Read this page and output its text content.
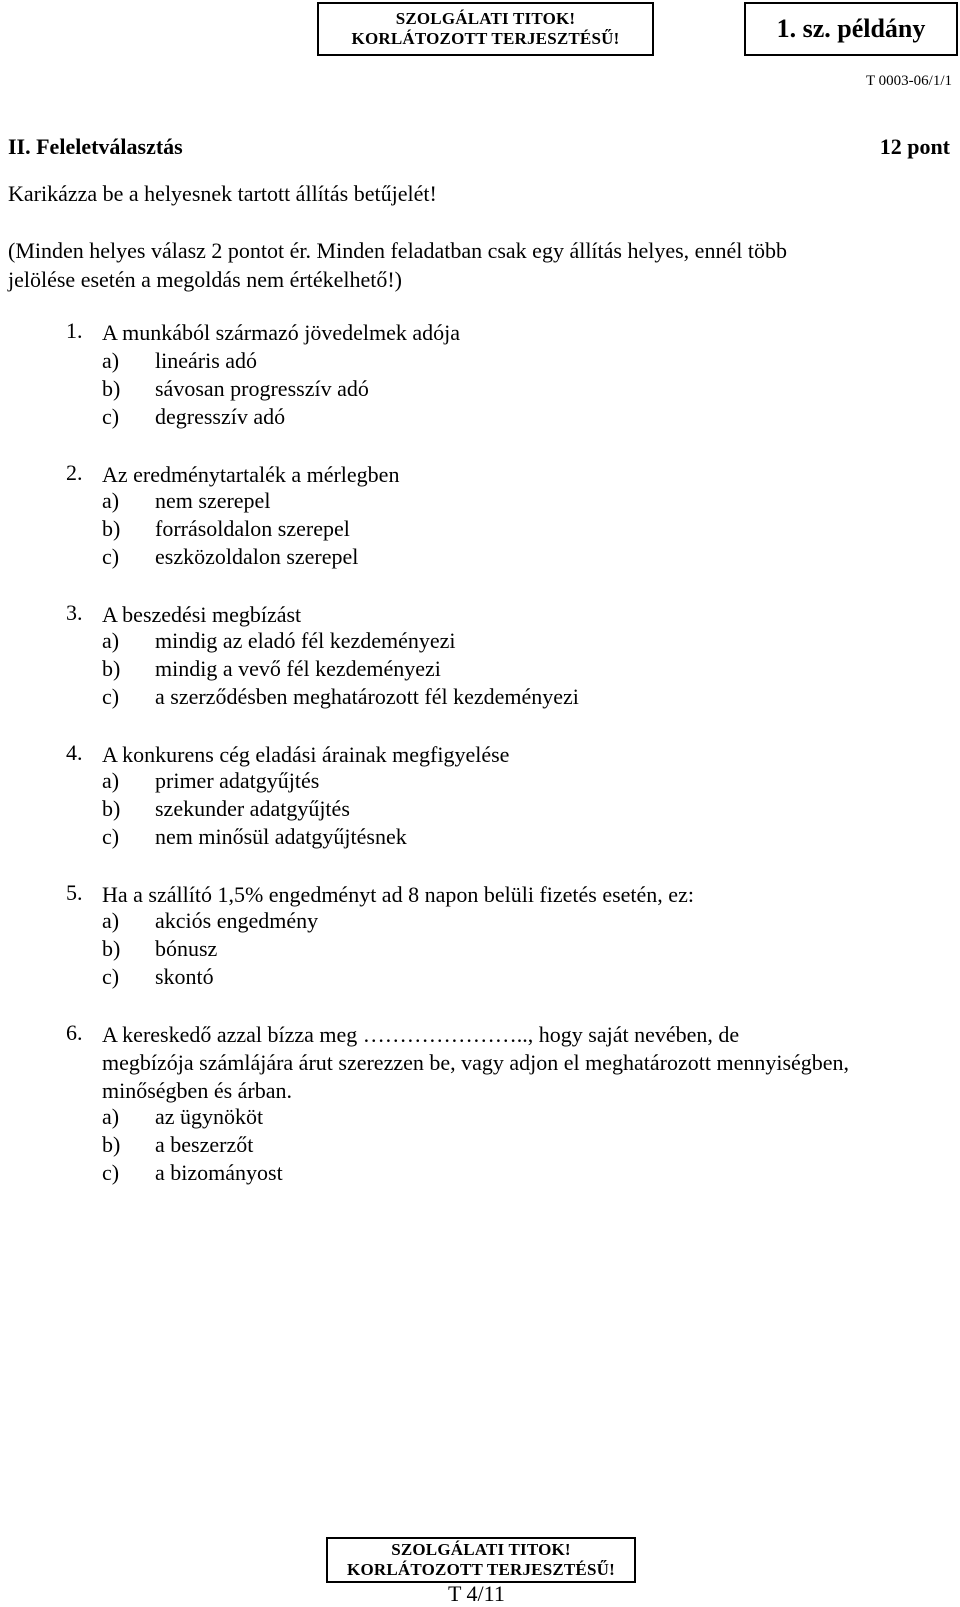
SZOLGÁLATI TITOK!
KORLÁTOZOTT TERJESZTÉSŰ!	1. sz. példány
T 0003-06/1/1
II. Feleletválasztás	12 pont
Karikázza be a helyesnek tartott állítás betűjelét!
(Minden helyes válasz 2 pontot ér. Minden feladatban csak egy állítás helyes, ennél több
jelölése esetén a megoldás nem értékelhető!)
1. A munkából származó jövedelmek adója
a) lineáris adó
b) sávosan progresszív adó
c) degresszív adó
2. Az eredménytartalék a mérlegben
a) nem szerepel
b) forrásoldalon szerepel
c) eszközoldalon szerepel
3. A beszedési megbízást
a) mindig az eladó fél kezdeményezi
b) mindig a vevő fél kezdeményezi
c) a szerződésben meghatározott fél kezdeményezi
4. A konkurens cég eladási árainak megfigyelése
a) primer adatgyűjtés
b) szekunder adatgyűjtés
c) nem minősül adatgyűjtésnek
5. Ha a szállító 1,5% engedményt ad 8 napon belüli fizetés esetén, ez:
a) akciós engedmény
b) bónusz
c) skontó
6. A kereskedő azzal bízza meg ………………….., hogy saját nevében, de
megbízója számlájára árut szerezzen be, vagy adjon el meghatározott mennyiségben,
minőségben és árban.
a) az ügynököt
b) a beszerzőt
c) a bizományost
SZOLGÁLATI TITOK!
KORLÁTOZOTT TERJESZTÉSŰ!
T 4/11
